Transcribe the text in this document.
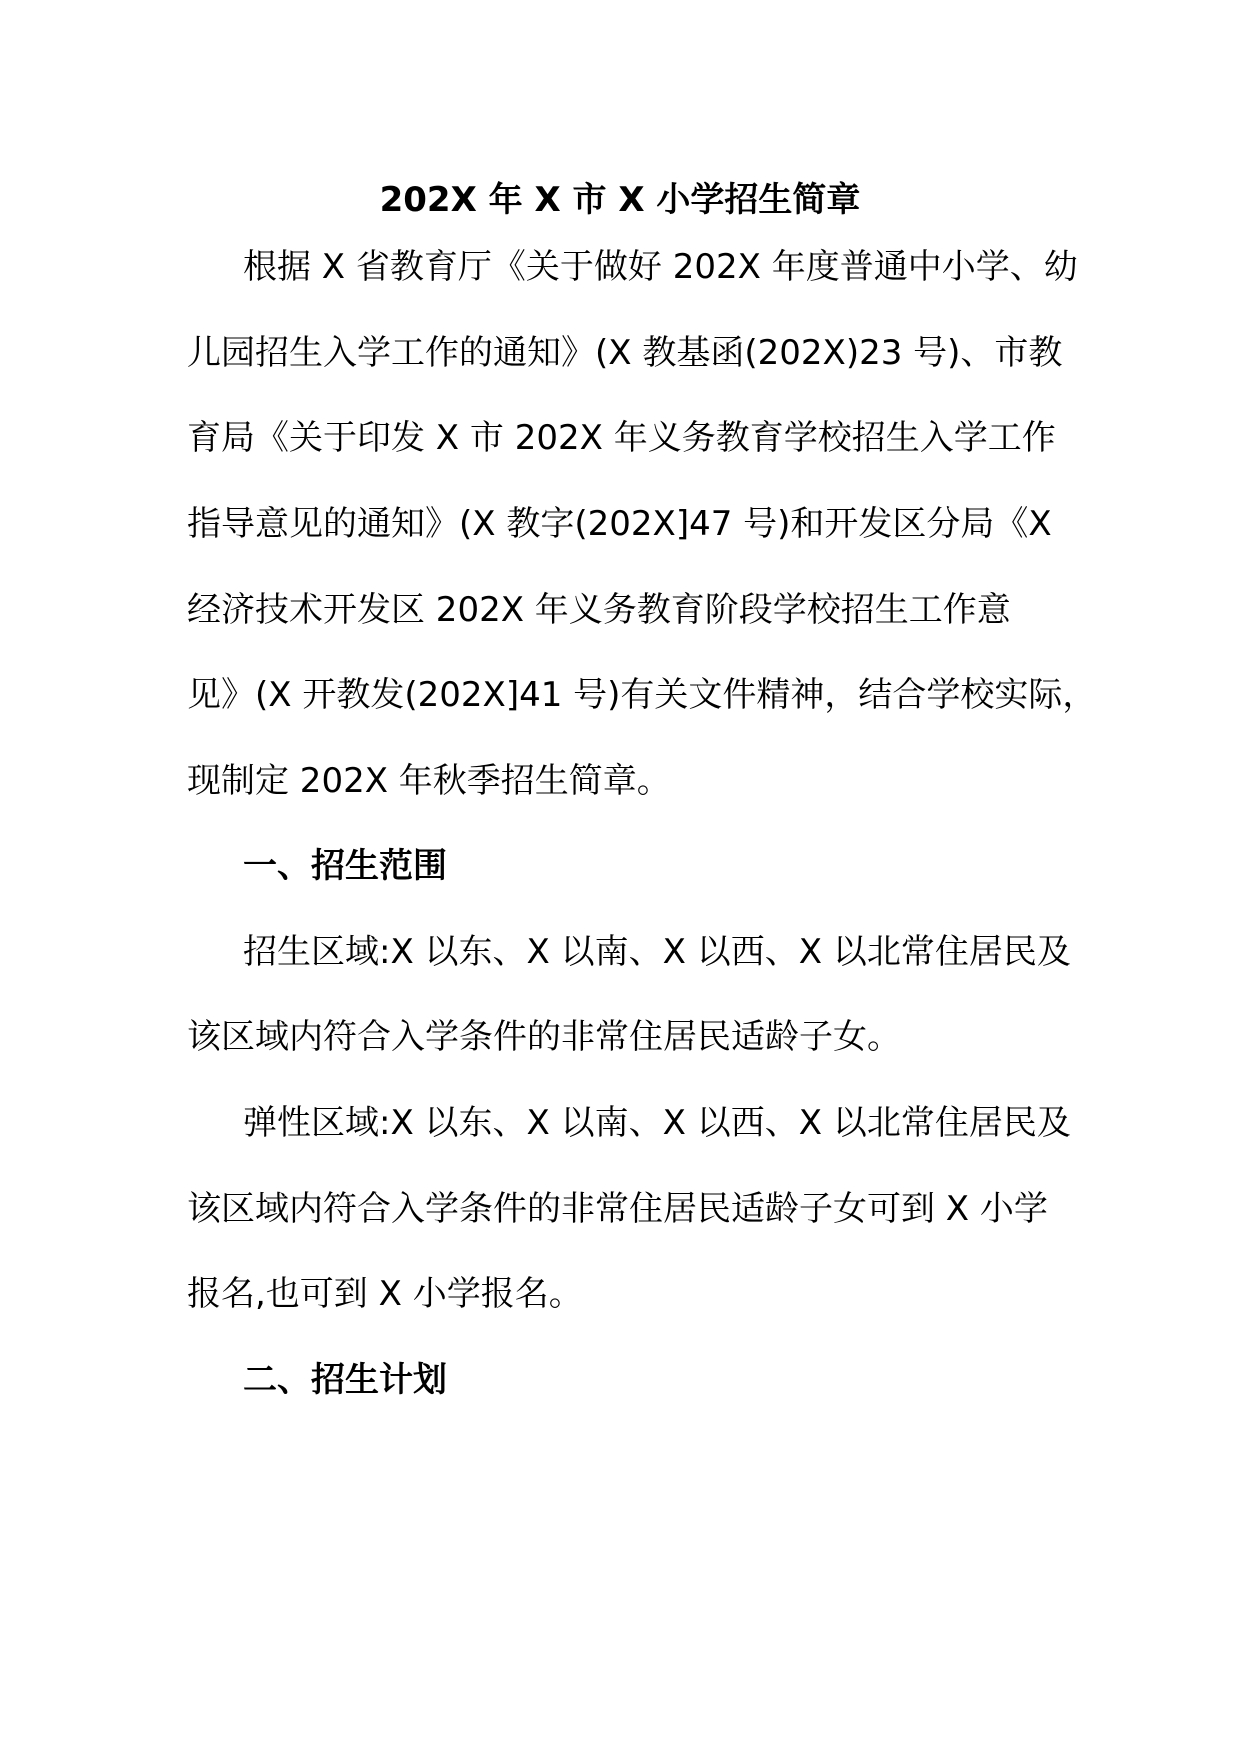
202X 年 X 市 X 小学招生简章

根据 X 省教育厅《关于做好 202X 年度普通中小学、幼

儿园招生入学工作的通知》(X 教基函(202X)23 号)、市教

育局《关于印发 X 市 202X 年义务教育学校招生入学工作

指导意见的通知》(X 教字(202X]47 号)和开发区分局《X

经济技术开发区 202X 年义务教育阶段学校招生工作意

见》(X 开教发(202X]41 号)有关文件精神，结合学校实际，

现制定 202X 年秋季招生简章。

一、招生范围

招生区域:X 以东、X 以南、X 以西、X 以北常住居民及

该区域内符合入学条件的非常住居民适龄子女。

弹性区域:X 以东、X 以南、X 以西、X 以北常住居民及

该区域内符合入学条件的非常住居民适龄子女可到 X 小学

报名,也可到 X 小学报名。

二、招生计划
